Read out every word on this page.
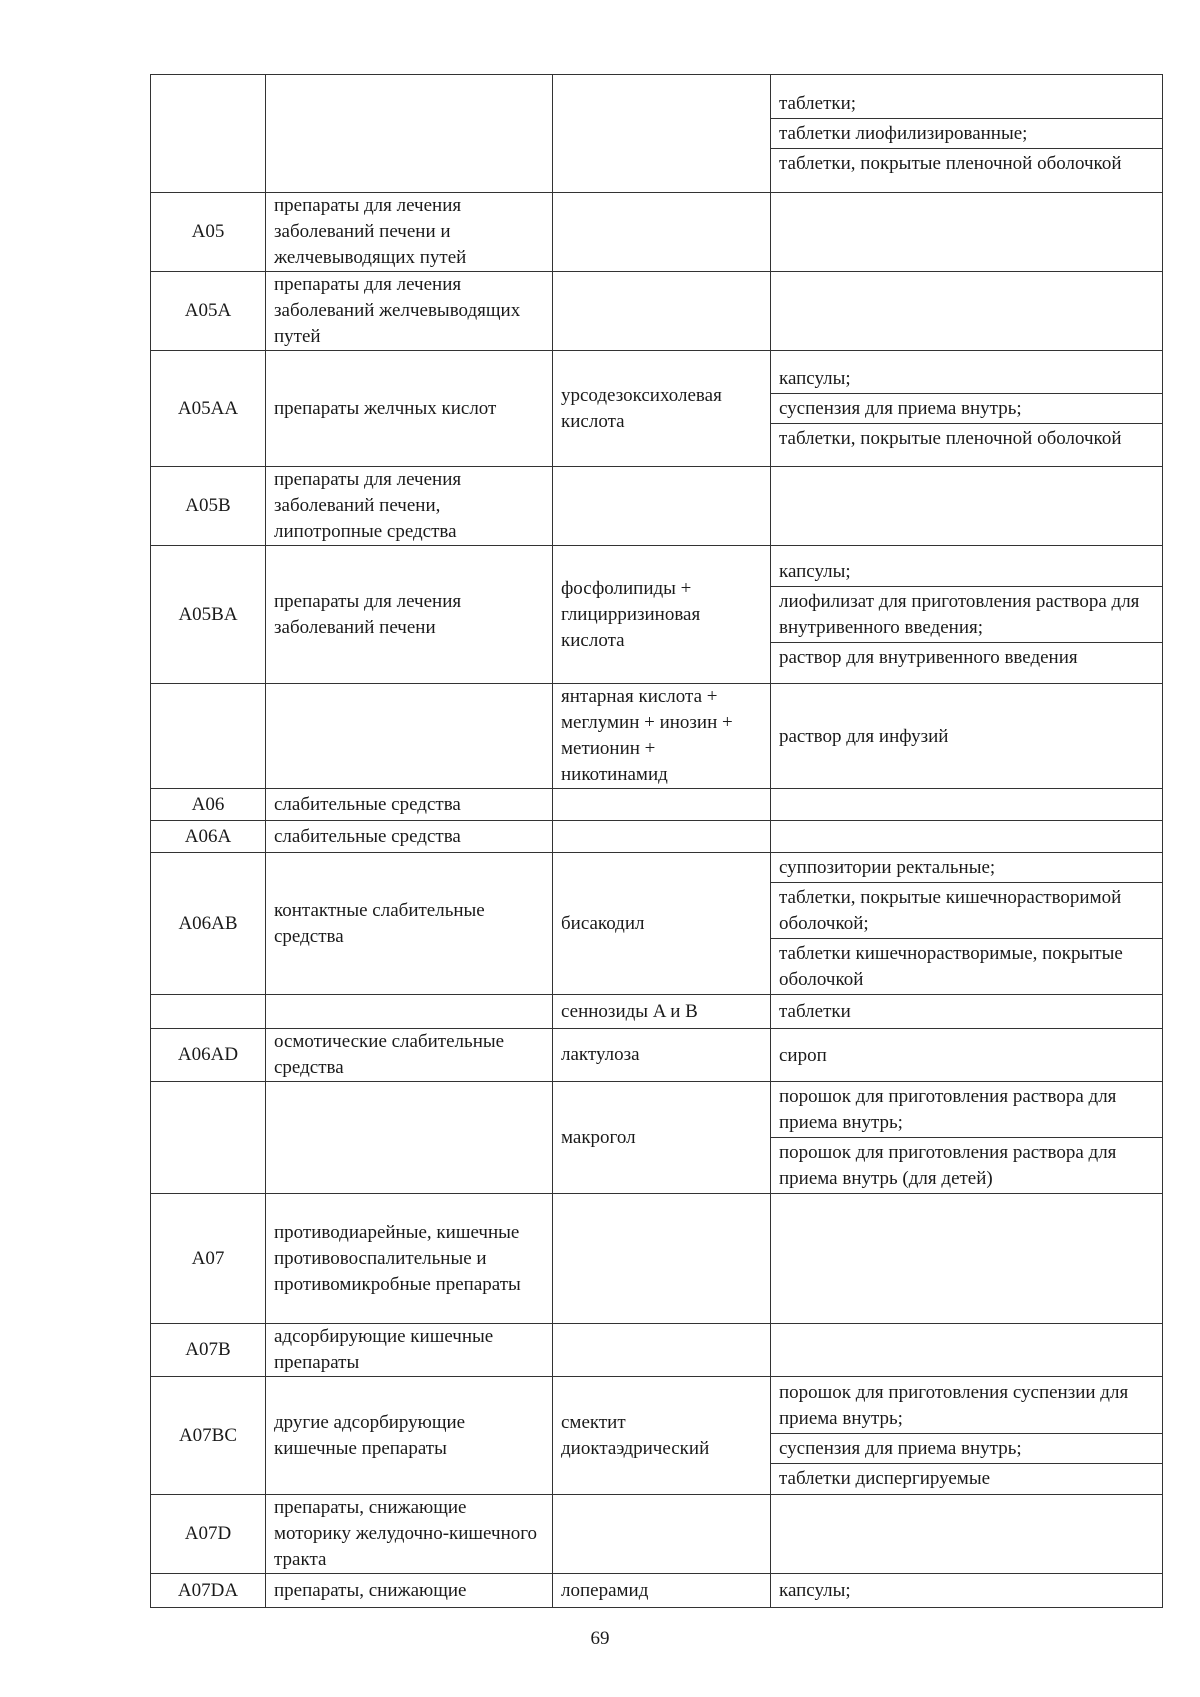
			таблетки;
таблетки лиофилизированные;
таблетки, покрытые пленочной оболочкой

A05	препараты для лечения заболеваний печени и желчевыводящих путей		
A05A	препараты для лечения заболеваний желчевыводящих путей		
A05AA	препараты желчных кислот	урсодезоксихолевая кислота	капсулы;
суспензия для приема внутрь;
таблетки, покрытые пленочной оболочкой

A05B	препараты для лечения заболеваний печени, липотропные средства		
A05BA	препараты для лечения заболеваний печени	фосфолипиды + глицирризиновая кислота	капсулы;
лиофилизат для приготовления раствора для внутривенного введения;
раствор для внутривенного введения

		янтарная кислота + меглумин + инозин + метионин + никотинамид	раствор для инфузий

A06	слабительные средства		
A06A	слабительные средства		
A06AB	контактные слабительные средства	бисакодил	суппозитории ректальные;
таблетки, покрытые кишечнорастворимой оболочкой;
таблетки кишечнорастворимые, покрытые оболочкой

		сеннозиды A и B	таблетки

A06AD	осмотические слабительные средства	лактулоза	сироп

		макрогол	порошок для приготовления раствора для приема внутрь;
порошок для приготовления раствора для приема внутрь (для детей)

A07	противодиарейные, кишечные противовоспалительные и противомикробные препараты		
A07B	адсорбирующие кишечные препараты		
A07BC	другие адсорбирующие кишечные препараты	смектит диоктаэдрический	порошок для приготовления суспензии для приема внутрь;
суспензия для приема внутрь;
таблетки диспергируемые

A07D	препараты, снижающие моторику желудочно-кишечного тракта		
A07DA	препараты, снижающие	лоперамид	капсулы;
69
